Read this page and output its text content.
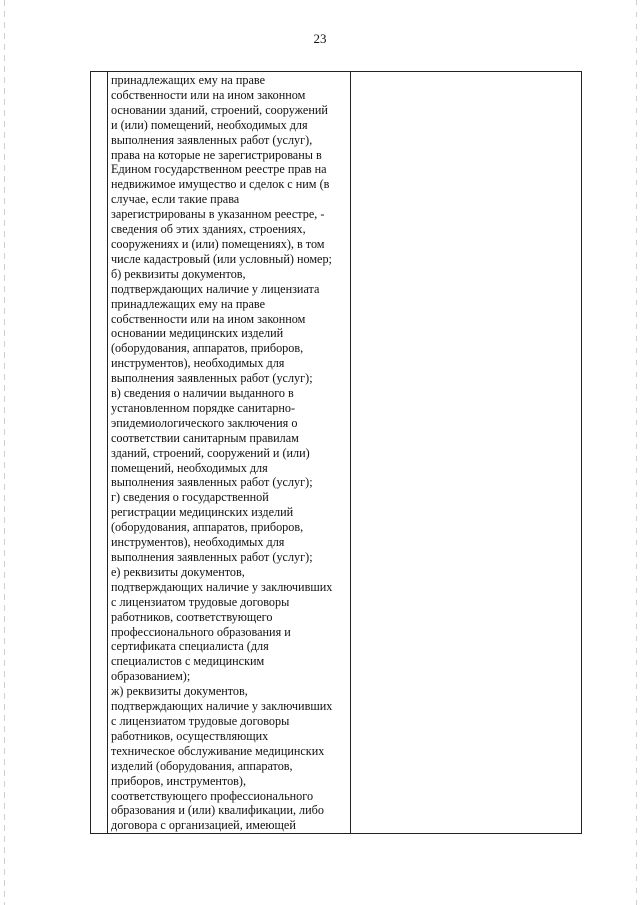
23

принадлежащих ему на праве
собственности или на ином законном
основании зданий, строений, сооружений
и (или) помещений, необходимых для
выполнения заявленных работ (услуг),
права на которые не зарегистрированы в
Едином государственном реестре прав на
недвижимое имущество и сделок с ним (в
случае, если такие права
зарегистрированы в указанном реестре, -
сведения об этих зданиях, строениях,
сооружениях и (или) помещениях), в том
числе кадастровый (или условный) номер;
б) реквизиты документов,
подтверждающих наличие у лицензиата
принадлежащих ему на праве
собственности или на ином законном
основании медицинских изделий
(оборудования, аппаратов, приборов,
инструментов), необходимых для
выполнения заявленных работ (услуг);
в) сведения о наличии выданного в
установленном порядке санитарно-
эпидемиологического заключения о
соответствии санитарным правилам
зданий, строений, сооружений и (или)
помещений, необходимых для
выполнения заявленных работ (услуг);
г) сведения о государственной
регистрации медицинских изделий
(оборудования, аппаратов, приборов,
инструментов), необходимых для
выполнения заявленных работ (услуг);
е) реквизиты документов,
подтверждающих наличие у заключивших
с лицензиатом трудовые договоры
работников, соответствующего
профессионального образования и
сертификата специалиста (для
специалистов с медицинским
образованием);
ж) реквизиты документов,
подтверждающих наличие у заключивших
с лицензиатом трудовые договоры
работников, осуществляющих
техническое обслуживание медицинских
изделий (оборудования, аппаратов,
приборов, инструментов),
соответствующего профессионального
образования и (или) квалификации, либо
договора с организацией, имеющей
